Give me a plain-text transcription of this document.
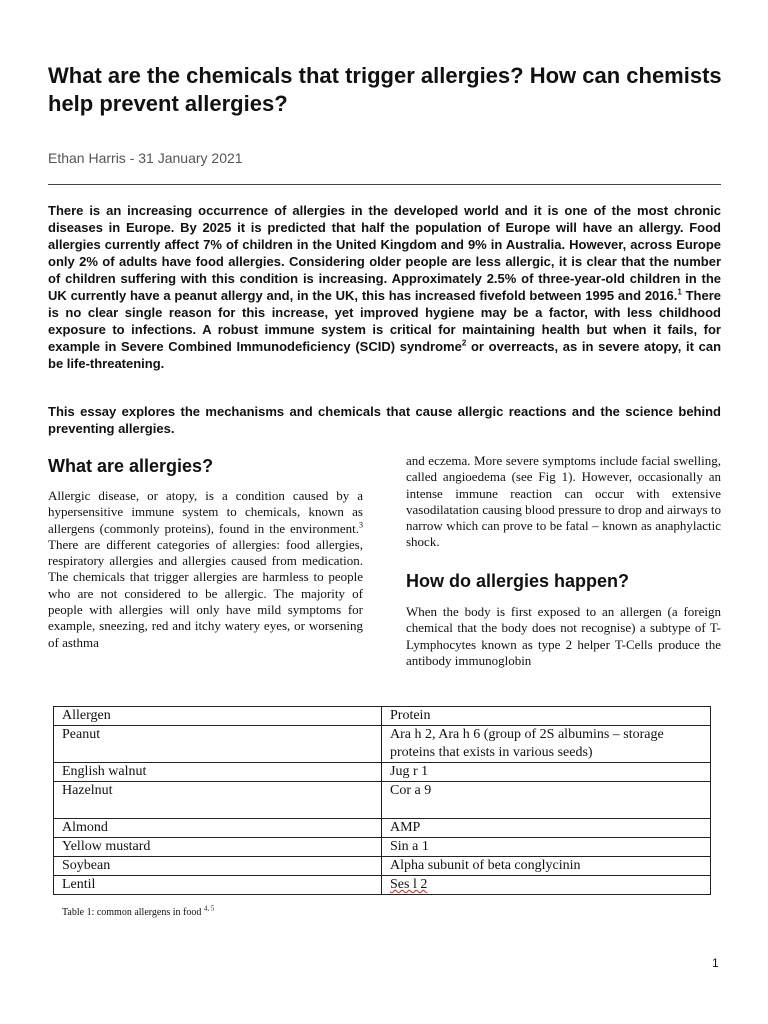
What are the chemicals that trigger allergies? How can chemists help prevent allergies?
Ethan Harris - 31 January 2021

There is an increasing occurrence of allergies in the developed world and it is one of the most chronic diseases in Europe. By 2025 it is predicted that half the population of Europe will have an allergy. Food allergies currently affect 7% of children in the United Kingdom and 9% in Australia. However, across Europe only 2% of adults have food allergies. Considering older people are less allergic, it is clear that the number of children suffering with this condition is increasing. Approximately 2.5% of three-year-old children in the UK currently have a peanut allergy and, in the UK, this has increased fivefold between 1995 and 2016.$^1$ There is no clear single reason for this increase, yet improved hygiene may be a factor, with less childhood exposure to infections. A robust immune system is critical for maintaining health but when it fails, for example in Severe Combined Immunodeficiency (SCID) syndrome$^2$ or overreacts, as in severe atopy, it can be life-threatening.

This essay explores the mechanisms and chemicals that cause allergic reactions and the science behind preventing allergies.

What are allergies?

Allergic disease, or atopy, is a condition caused by a hypersensitive immune system to chemicals, known as allergens (commonly proteins), found in the environment.$^3$ There are different categories of allergies: food allergies, respiratory allergies and allergies caused from medication. The chemicals that trigger allergies are harmless to people who are not considered to be allergic. The majority of people with allergies will only have mild symptoms for example, sneezing, red and itchy watery eyes, or worsening of asthma

and eczema. More severe symptoms include facial swelling, called angioedema (see Fig 1). However, occasionally an intense immune reaction can occur with extensive vasodilatation causing blood pressure to drop and airways to narrow which can prove to be fatal – known as anaphylactic shock.

How do allergies happen?

When the body is first exposed to an allergen (a foreign chemical that the body does not recognise) a subtype of T-Lymphocytes known as type 2 helper T-Cells produce the antibody immunoglobin

Allergen	Protein
Peanut	Ara h 2, Ara h 6 (group of 2S albumins – storage proteins that exists in various seeds)
English walnut	Jug r 1
Hazelnut	Cor a 9
Almond	AMP
Yellow mustard	Sin a 1
Soybean	Alpha subunit of beta conglycinin
Lentil	Ses l 2
Table 1: common allergens in food $^{4, 5}$
1
